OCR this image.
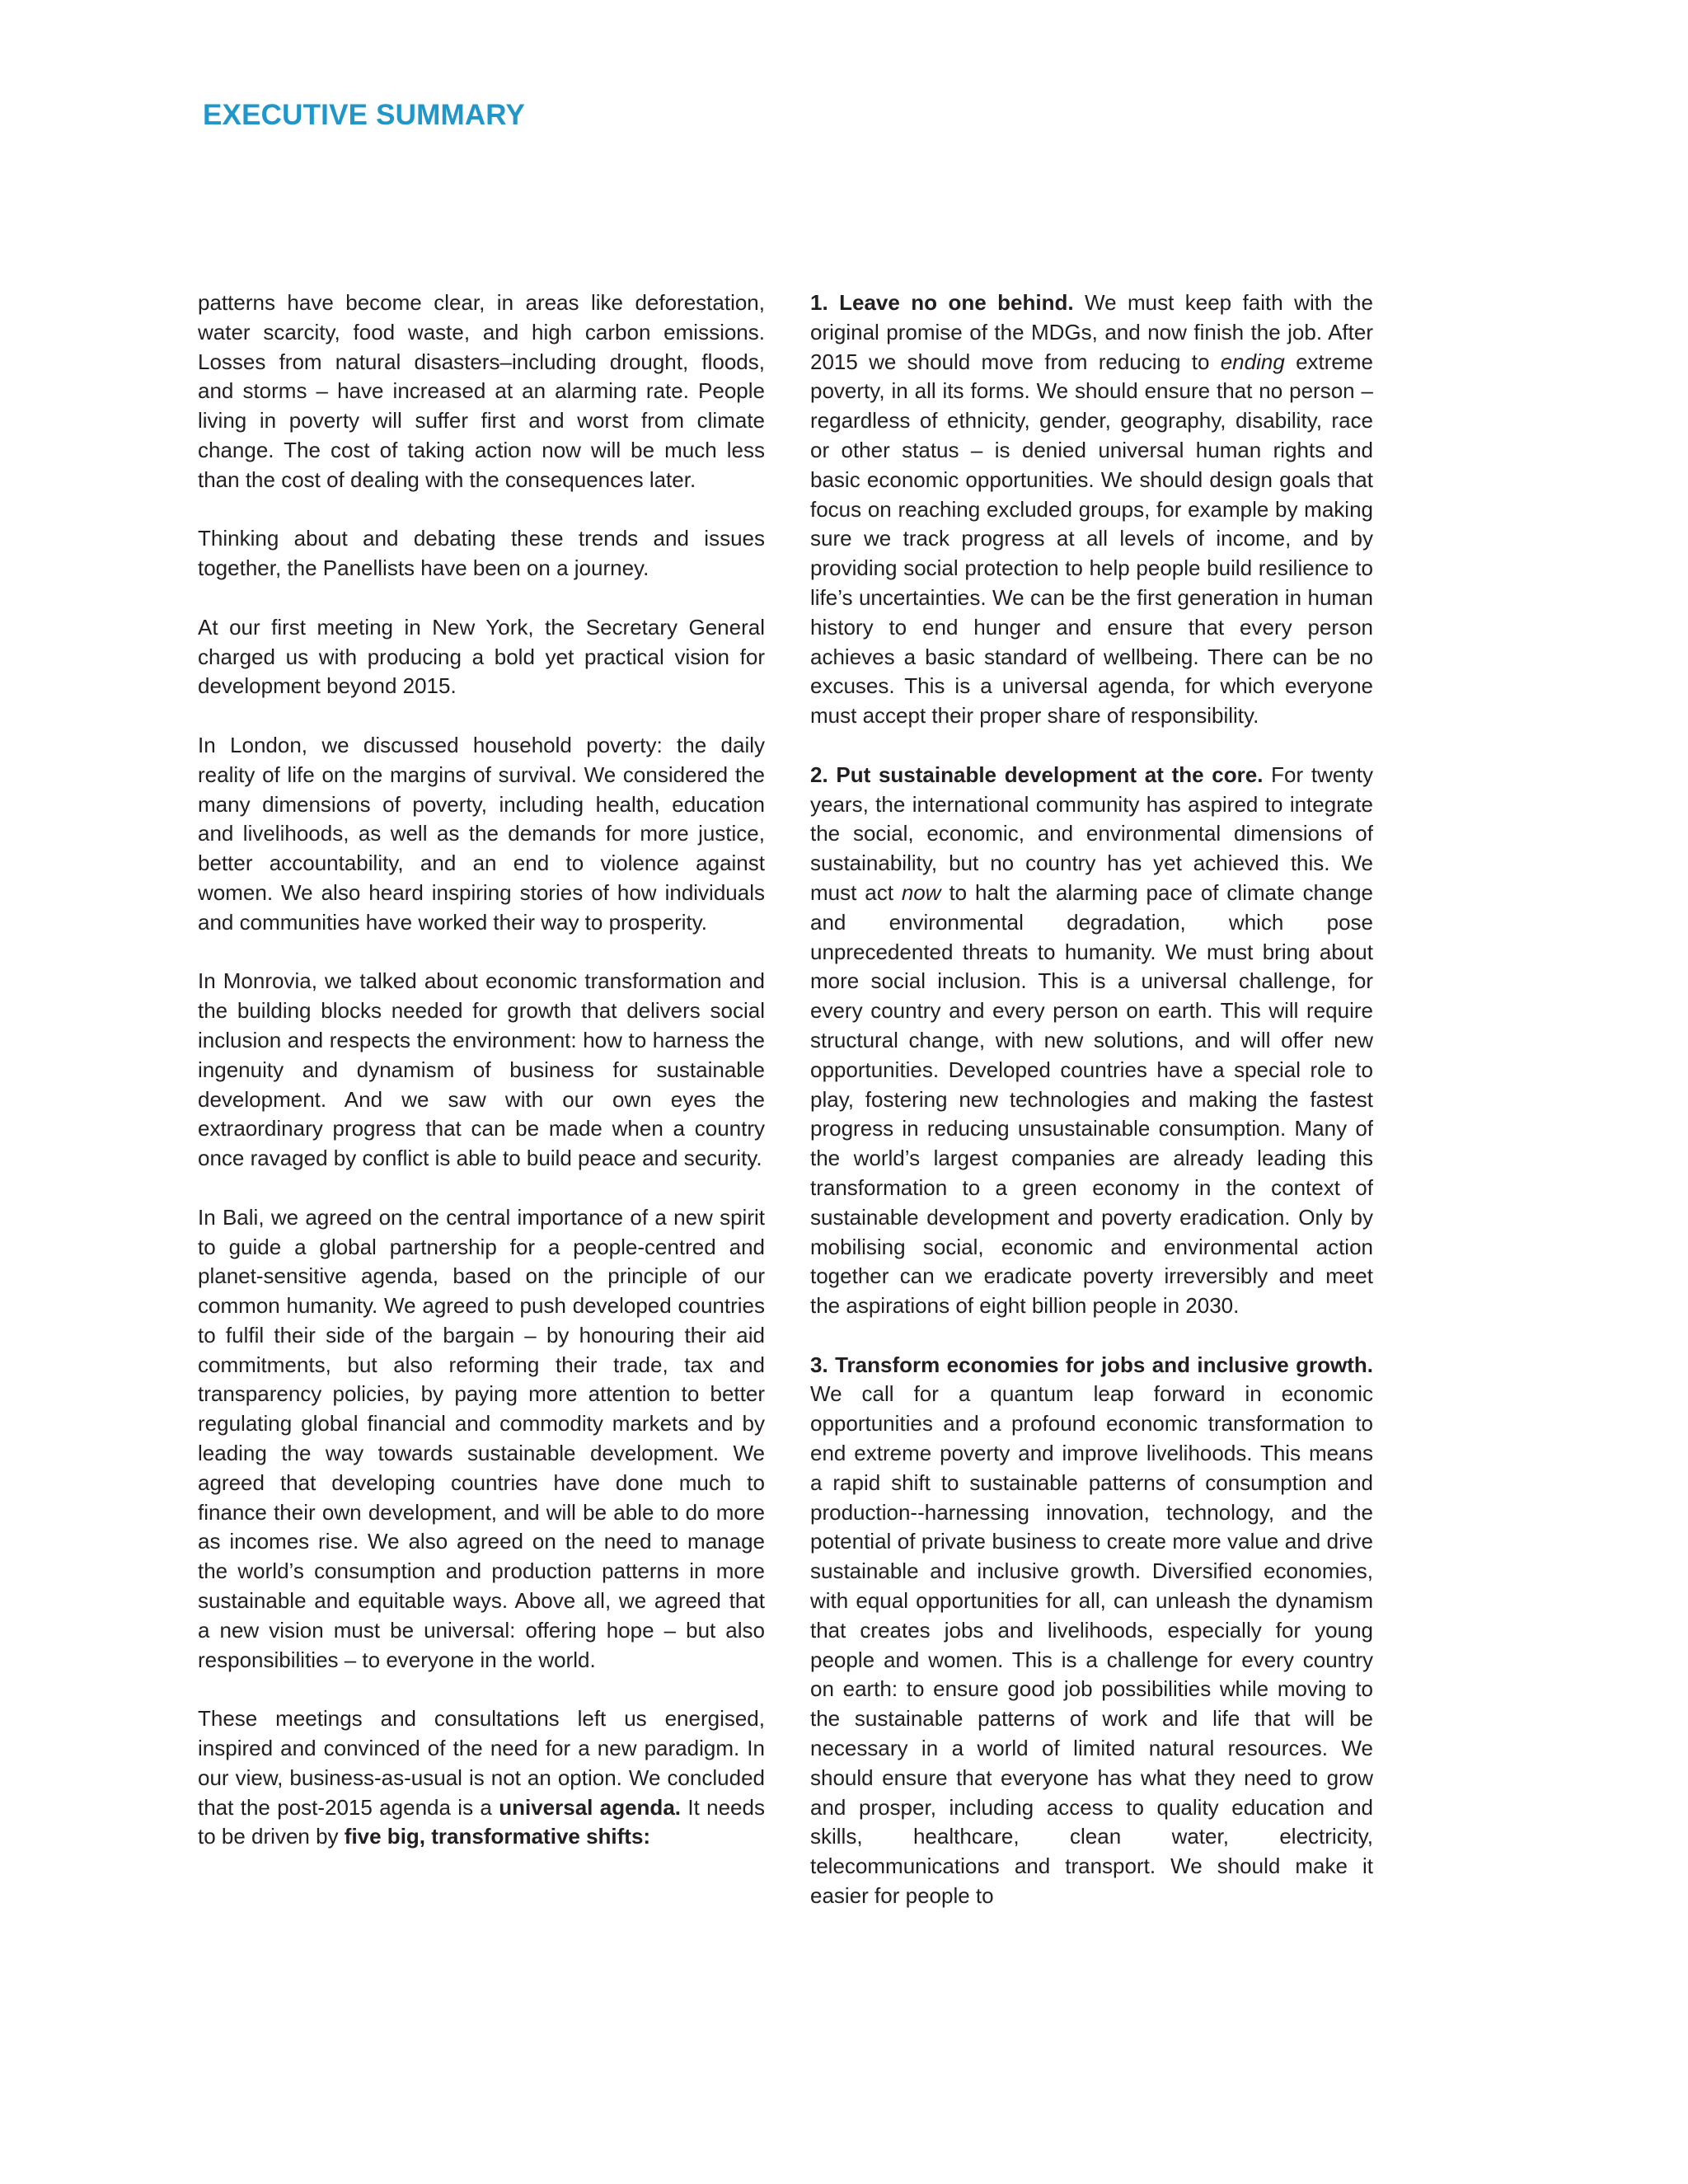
EXECUTIVE SUMMARY

patterns have become clear, in areas like deforestation, water scarcity, food waste, and high carbon emissions. Losses from natural disasters–including drought, floods, and storms – have increased at an alarming rate. People living in poverty will suffer first and worst from climate change. The cost of taking action now will be much less than the cost of dealing with the consequences later.

Thinking about and debating these trends and issues together, the Panellists have been on a journey.

At our first meeting in New York, the Secretary General charged us with producing a bold yet practical vision for development beyond 2015.

In London, we discussed household poverty: the daily reality of life on the margins of survival. We considered the many dimensions of poverty, including health, education and livelihoods, as well as the demands for more justice, better accountability, and an end to violence against women. We also heard inspiring stories of how individuals and communities have worked their way to prosperity.

In Monrovia, we talked about economic transformation and the building blocks needed for growth that delivers social inclusion and respects the environment: how to harness the ingenuity and dynamism of business for sustainable development. And we saw with our own eyes the extraordinary progress that can be made when a country once ravaged by conflict is able to build peace and security.

In Bali, we agreed on the central importance of a new spirit to guide a global partnership for a people-centred and planet-sensitive agenda, based on the principle of our common humanity. We agreed to push developed countries to fulfil their side of the bargain – by honouring their aid commitments, but also reforming their trade, tax and transparency policies, by paying more attention to better regulating global financial and commodity markets and by leading the way towards sustainable development. We agreed that developing countries have done much to finance their own development, and will be able to do more as incomes rise. We also agreed on the need to manage the world’s consumption and production patterns in more sustainable and equitable ways. Above all, we agreed that a new vision must be universal: offering hope – but also responsibilities – to everyone in the world.

These meetings and consultations left us energised, inspired and convinced of the need for a new paradigm. In our view, business-as-usual is not an option. We concluded that the post-2015 agenda is a universal agenda. It needs to be driven by five big, transformative shifts:

1. Leave no one behind. We must keep faith with the original promise of the MDGs, and now finish the job. After 2015 we should move from reducing to ending extreme poverty, in all its forms. We should ensure that no person – regardless of ethnicity, gender, geography, disability, race or other status – is denied universal human rights and basic economic opportunities. We should design goals that focus on reaching excluded groups, for example by making sure we track progress at all levels of income, and by providing social protection to help people build resilience to life’s uncertainties. We can be the first generation in human history to end hunger and ensure that every person achieves a basic standard of wellbeing. There can be no excuses. This is a universal agenda, for which everyone must accept their proper share of responsibility.

2. Put sustainable development at the core. For twenty years, the international community has aspired to integrate the social, economic, and environmental dimensions of sustainability, but no country has yet achieved this. We must act now to halt the alarming pace of climate change and environmental degradation, which pose unprecedented threats to humanity. We must bring about more social inclusion. This is a universal challenge, for every country and every person on earth. This will require structural change, with new solutions, and will offer new opportunities. Developed countries have a special role to play, fostering new technologies and making the fastest progress in reducing unsustainable consumption. Many of the world’s largest companies are already leading this transformation to a green economy in the context of sustainable development and poverty eradication. Only by mobilising social, economic and environmental action together can we eradicate poverty irreversibly and meet the aspirations of eight billion people in 2030.

3. Transform economies for jobs and inclusive growth. We call for a quantum leap forward in economic opportunities and a profound economic transformation to end extreme poverty and improve livelihoods. This means a rapid shift to sustainable patterns of consumption and production--harnessing innovation, technology, and the potential of private business to create more value and drive sustainable and inclusive growth. Diversified economies, with equal opportunities for all, can unleash the dynamism that creates jobs and livelihoods, especially for young people and women. This is a challenge for every country on earth: to ensure good job possibilities while moving to the sustainable patterns of work and life that will be necessary in a world of limited natural resources. We should ensure that everyone has what they need to grow and prosper, including access to quality education and skills, healthcare, clean water, electricity, telecommunications and transport. We should make it easier for people to
